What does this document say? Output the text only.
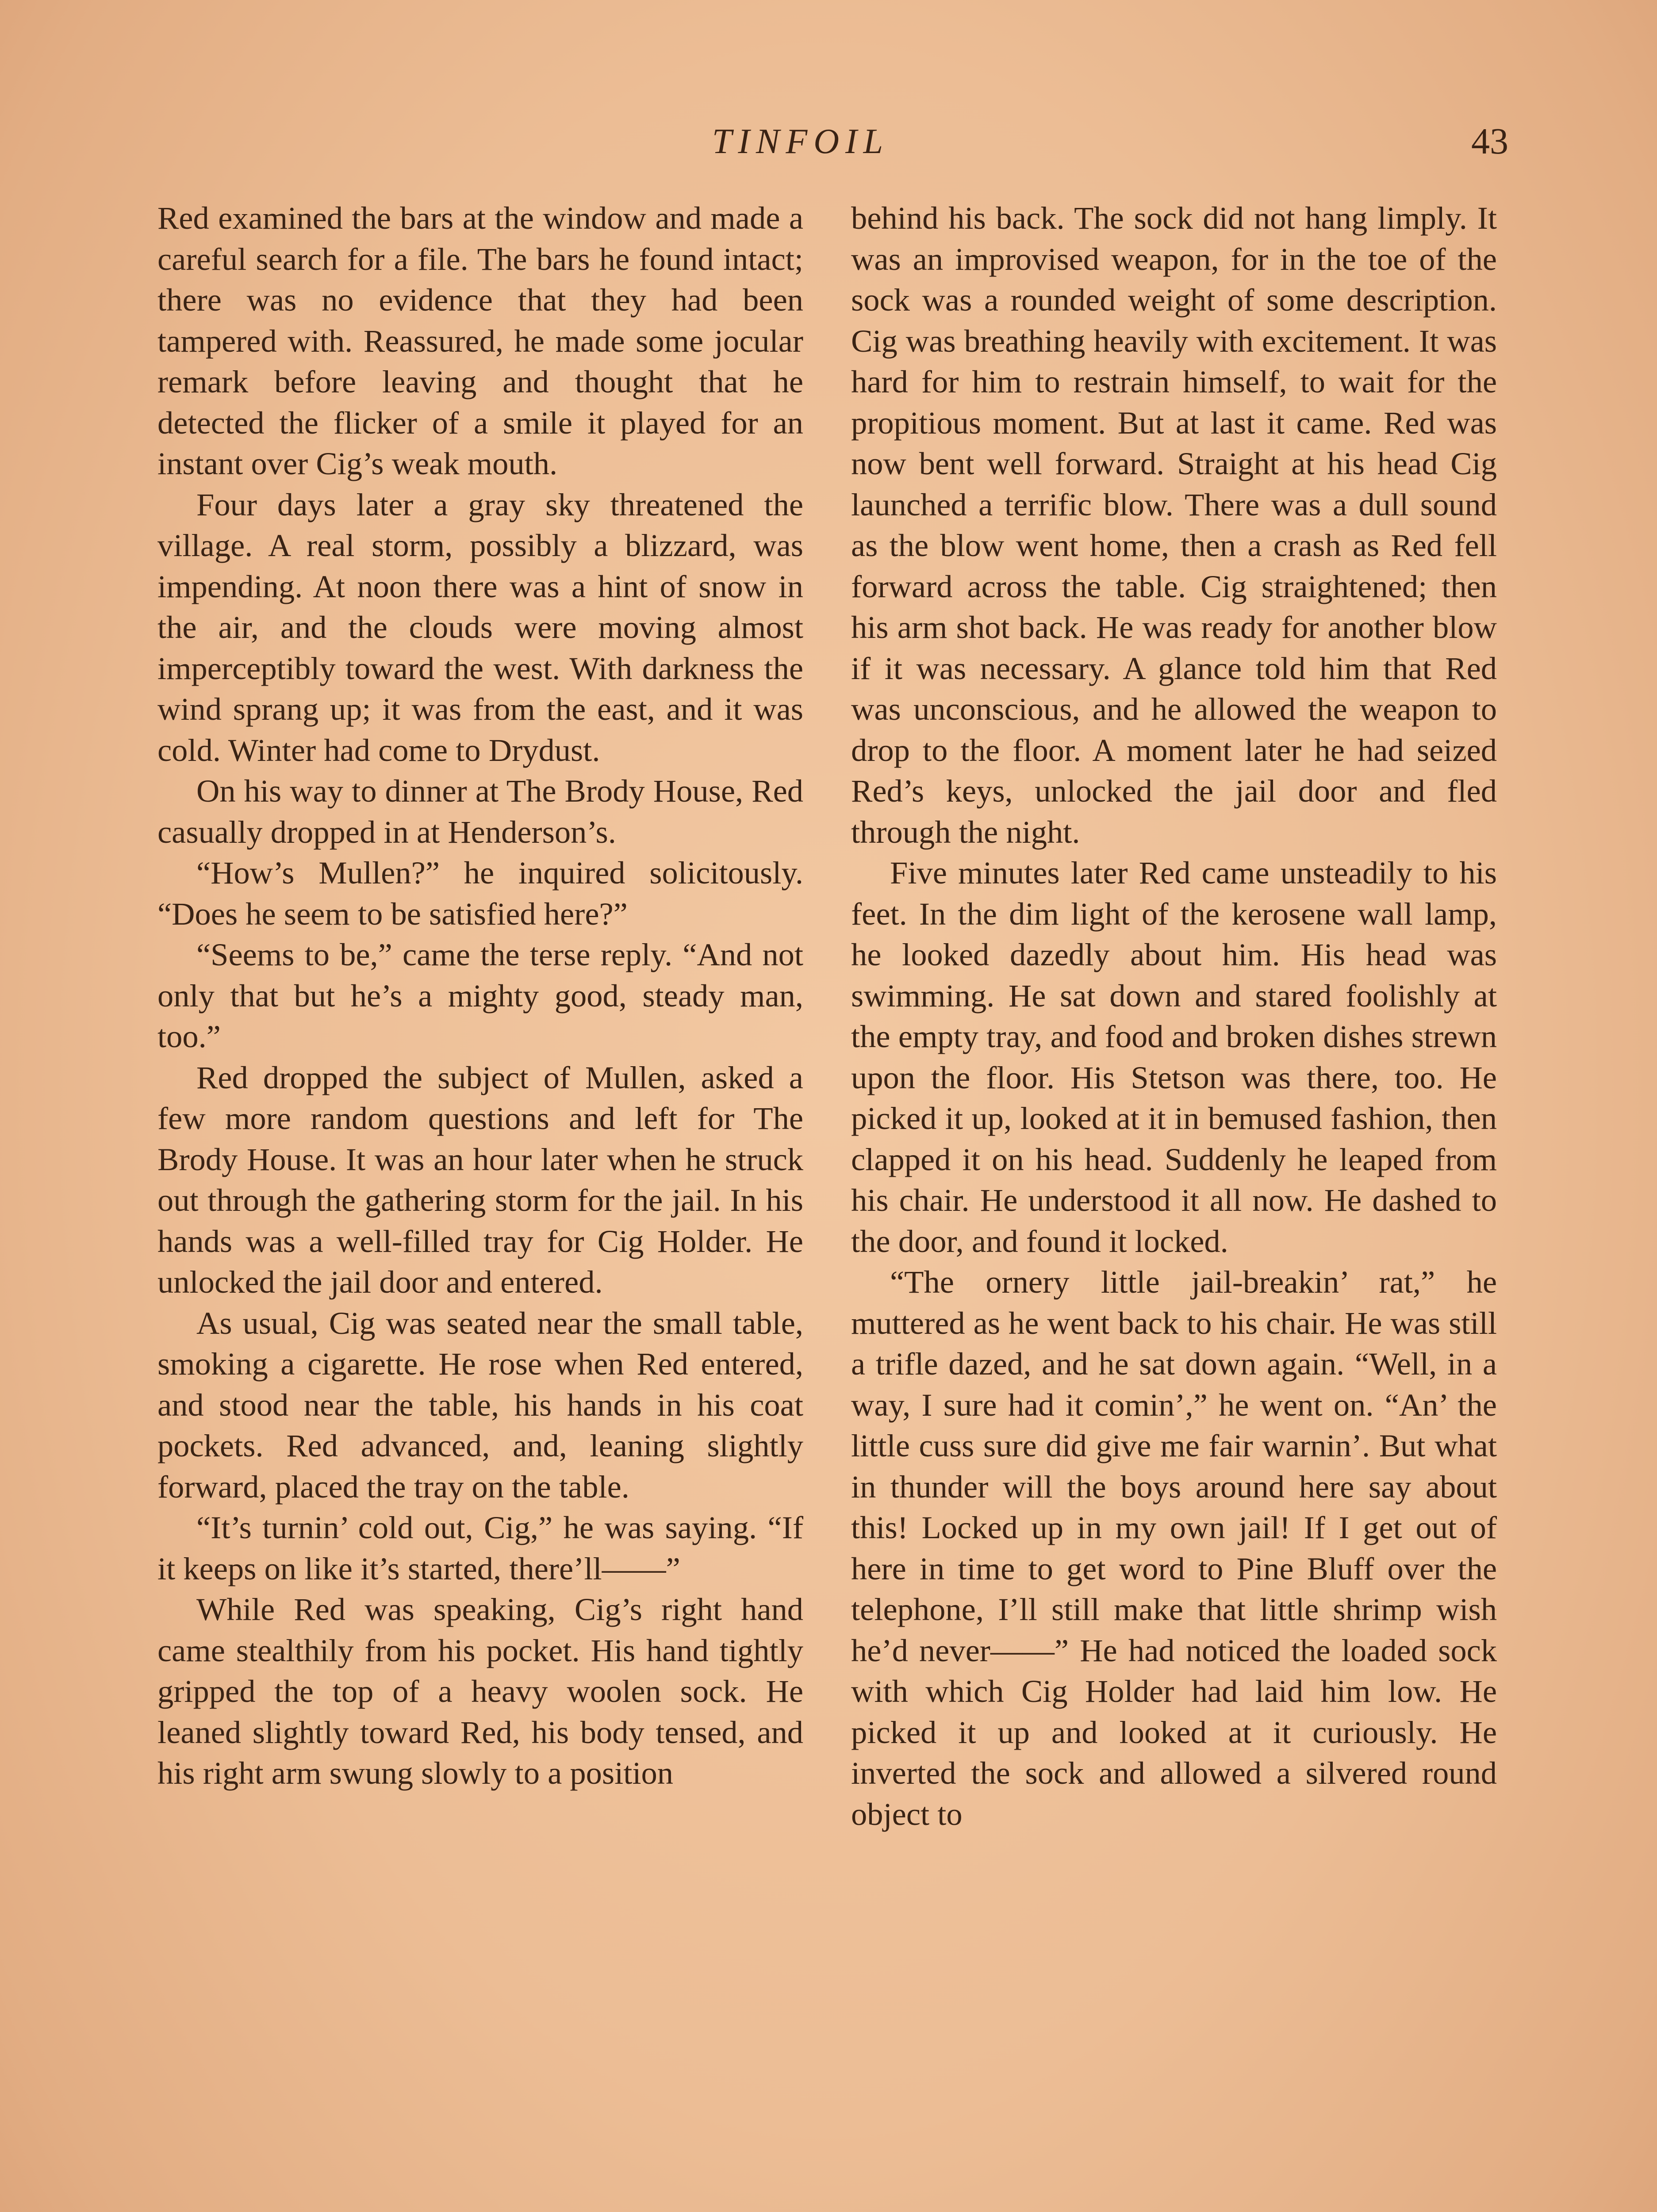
TINFOIL	43

Red examined the bars at the window and made a careful search for a file. The bars he found intact; there was no evidence that they had been tampered with. Reassured, he made some jocular remark before leaving and thought that he detected the flicker of a smile it played for an instant over Cig’s weak mouth.

Four days later a gray sky threatened the village. A real storm, possibly a blizzard, was impending. At noon there was a hint of snow in the air, and the clouds were moving almost imperceptibly toward the west. With darkness the wind sprang up; it was from the east, and it was cold. Winter had come to Drydust.

On his way to dinner at The Brody House, Red casually dropped in at Henderson’s.

“How’s Mullen?” he inquired solicitously. “Does he seem to be satisfied here?”

“Seems to be,” came the terse reply. “And not only that but he’s a mighty good, steady man, too.”

Red dropped the subject of Mullen, asked a few more random questions and left for The Brody House. It was an hour later when he struck out through the gathering storm for the jail. In his hands was a well-filled tray for Cig Holder. He unlocked the jail door and entered.

As usual, Cig was seated near the small table, smoking a cigarette. He rose when Red entered, and stood near the table, his hands in his coat pockets. Red advanced, and, leaning slightly forward, placed the tray on the table.

“It’s turnin’ cold out, Cig,” he was saying. “If it keeps on like it’s started, there’ll——”

While Red was speaking, Cig’s right hand came stealthily from his pocket. His hand tightly gripped the top of a heavy woolen sock. He leaned slightly toward Red, his body tensed, and his right arm swung slowly to a position

behind his back. The sock did not hang limply. It was an improvised weapon, for in the toe of the sock was a rounded weight of some description. Cig was breathing heavily with excitement. It was hard for him to restrain himself, to wait for the propitious moment. But at last it came. Red was now bent well forward. Straight at his head Cig launched a terrific blow. There was a dull sound as the blow went home, then a crash as Red fell forward across the table. Cig straightened; then his arm shot back. He was ready for another blow if it was necessary. A glance told him that Red was unconscious, and he allowed the weapon to drop to the floor. A moment later he had seized Red’s keys, unlocked the jail door and fled through the night.

Five minutes later Red came unsteadily to his feet. In the dim light of the kerosene wall lamp, he looked dazedly about him. His head was swimming. He sat down and stared foolishly at the empty tray, and food and broken dishes strewn upon the floor. His Stetson was there, too. He picked it up, looked at it in bemused fashion, then clapped it on his head. Suddenly he leaped from his chair. He understood it all now. He dashed to the door, and found it locked.

“The ornery little jail-breakin’ rat,” he muttered as he went back to his chair. He was still a trifle dazed, and he sat down again. “Well, in a way, I sure had it comin’,” he went on. “An’ the little cuss sure did give me fair warnin’. But what in thunder will the boys around here say about this! Locked up in my own jail! If I get out of here in time to get word to Pine Bluff over the telephone, I’ll still make that little shrimp wish he’d never——” He had noticed the loaded sock with which Cig Holder had laid him low. He picked it up and looked at it curiously. He inverted the sock and allowed a silvered round object to
